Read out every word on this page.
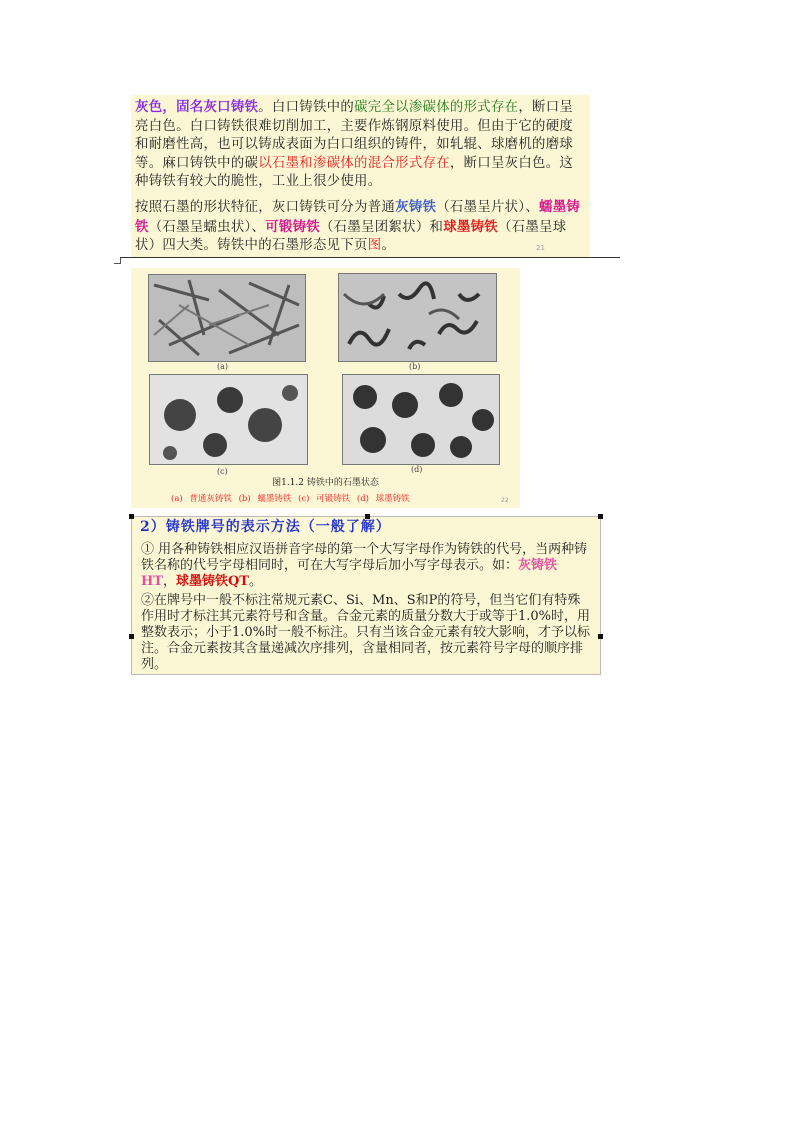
灰色，固名灰口铸铁。白口铸铁中的碳完全以渗碳体的形式存在，断口呈亮白色。白口铸铁很难切削加工，主要作炼钢原料使用。但由于它的硬度和耐磨性高，也可以铸成表面为白口组织的铸件，如轧辊、球磨机的磨球等。麻口铸铁中的碳以石墨和渗碳体的混合形式存在，断口呈灰白色。这种铸铁有较大的脆性，工业上很少使用。

按照石墨的形状特征，灰口铸铁可分为普通灰铸铁（石墨呈片状）、蠕墨铸铁（石墨呈蠕虫状）、可锻铸铁（石墨呈团絮状）和球墨铸铁（石墨呈球状）四大类。铸铁中的石墨形态见下页图。	21
(a)	(b)
(c)	(d)
图1.1.2 铸铁中的石墨状态
(a) 普通灰铸铁 (b) 蠕墨铸铁 (c) 可锻铸铁 (d) 球墨铸铁	22
2）铸铁牌号的表示方法（一般了解）

① 用各种铸铁相应汉语拼音字母的第一个大写字母作为铸铁的代号，当两种铸铁名称的代号字母相同时，可在大写字母后加小写字母表示。如：灰铸铁 HT，球墨铸铁QT。

②在牌号中一般不标注常规元素C、Si、Mn、S和P的符号，但当它们有特殊作用时才标注其元素符号和含量。合金元素的质量分数大于或等于1.0%时，用整数表示；小于1.0%时一般不标注。只有当该合金元素有较大影响，才予以标注。合金元素按其含量递减次序排列，含量相同者，按元素符号字母的顺序排列。
